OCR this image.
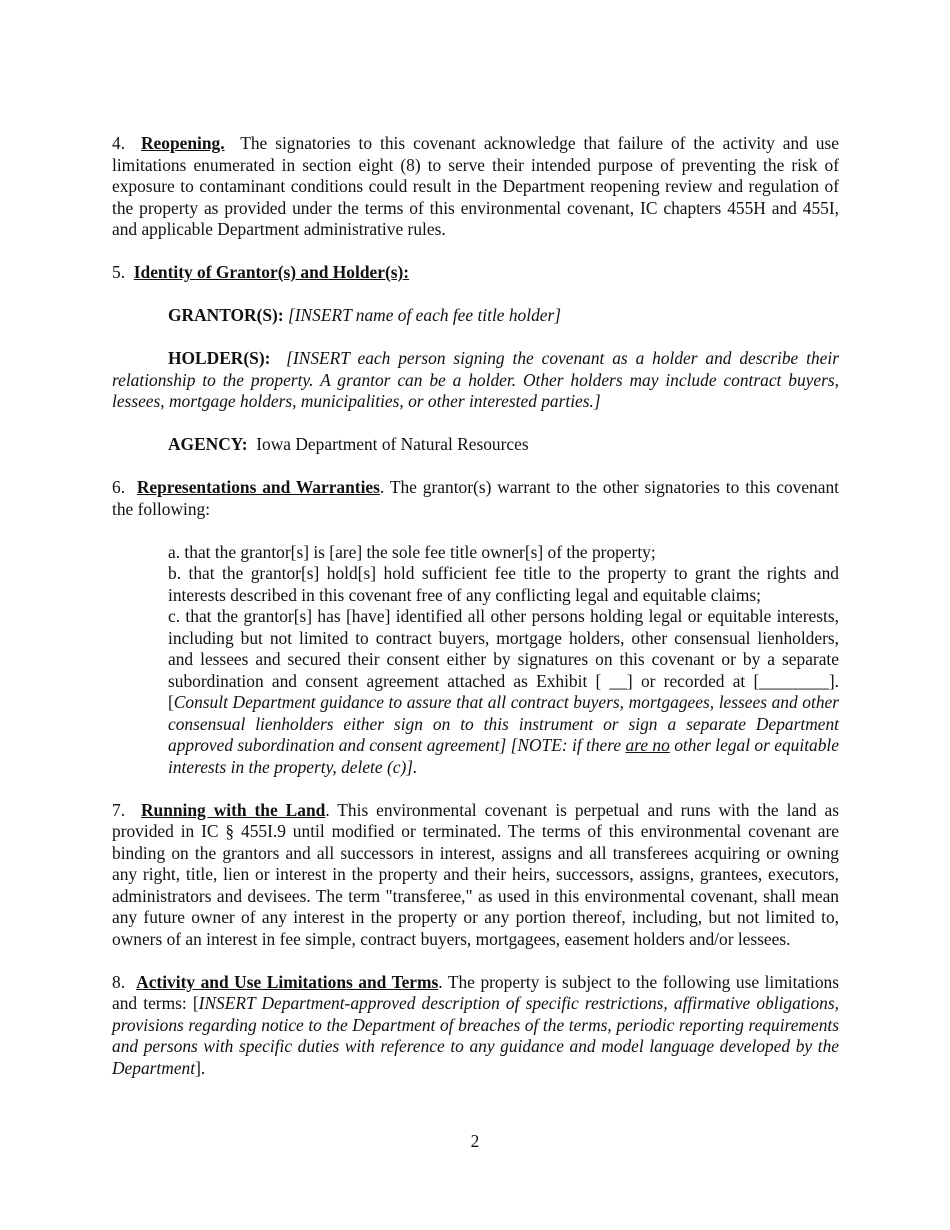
4. Reopening. The signatories to this covenant acknowledge that failure of the activity and use limitations enumerated in section eight (8) to serve their intended purpose of preventing the risk of exposure to contaminant conditions could result in the Department reopening review and regulation of the property as provided under the terms of this environmental covenant, IC chapters 455H and 455I, and applicable Department administrative rules.

5. Identity of Grantor(s) and Holder(s):

GRANTOR(S): [INSERT name of each fee title holder]

HOLDER(S): [INSERT each person signing the covenant as a holder and describe their relationship to the property. A grantor can be a holder. Other holders may include contract buyers, lessees, mortgage holders, municipalities, or other interested parties.]

AGENCY: Iowa Department of Natural Resources

6. Representations and Warranties. The grantor(s) warrant to the other signatories to this covenant the following:

a. that the grantor[s] is [are] the sole fee title owner[s] of the property;

b. that the grantor[s] hold[s] hold sufficient fee title to the property to grant the rights and interests described in this covenant free of any conflicting legal and equitable claims;

c. that the grantor[s] has [have] identified all other persons holding legal or equitable interests, including but not limited to contract buyers, mortgage holders, other consensual lienholders, and lessees and secured their consent either by signatures on this covenant or by a separate subordination and consent agreement attached as Exhibit [ __] or recorded at [________]. [Consult Department guidance to assure that all contract buyers, mortgagees, lessees and other consensual lienholders either sign on to this instrument or sign a separate Department approved subordination and consent agreement] [NOTE: if there are no other legal or equitable interests in the property, delete (c)].

7. Running with the Land. This environmental covenant is perpetual and runs with the land as provided in IC § 455I.9 until modified or terminated. The terms of this environmental covenant are binding on the grantors and all successors in interest, assigns and all transferees acquiring or owning any right, title, lien or interest in the property and their heirs, successors, assigns, grantees, executors, administrators and devisees. The term "transferee," as used in this environmental covenant, shall mean any future owner of any interest in the property or any portion thereof, including, but not limited to, owners of an interest in fee simple, contract buyers, mortgagees, easement holders and/or lessees.

8. Activity and Use Limitations and Terms. The property is subject to the following use limitations and terms: [INSERT Department-approved description of specific restrictions, affirmative obligations, provisions regarding notice to the Department of breaches of the terms, periodic reporting requirements and persons with specific duties with reference to any guidance and model language developed by the Department].

2
